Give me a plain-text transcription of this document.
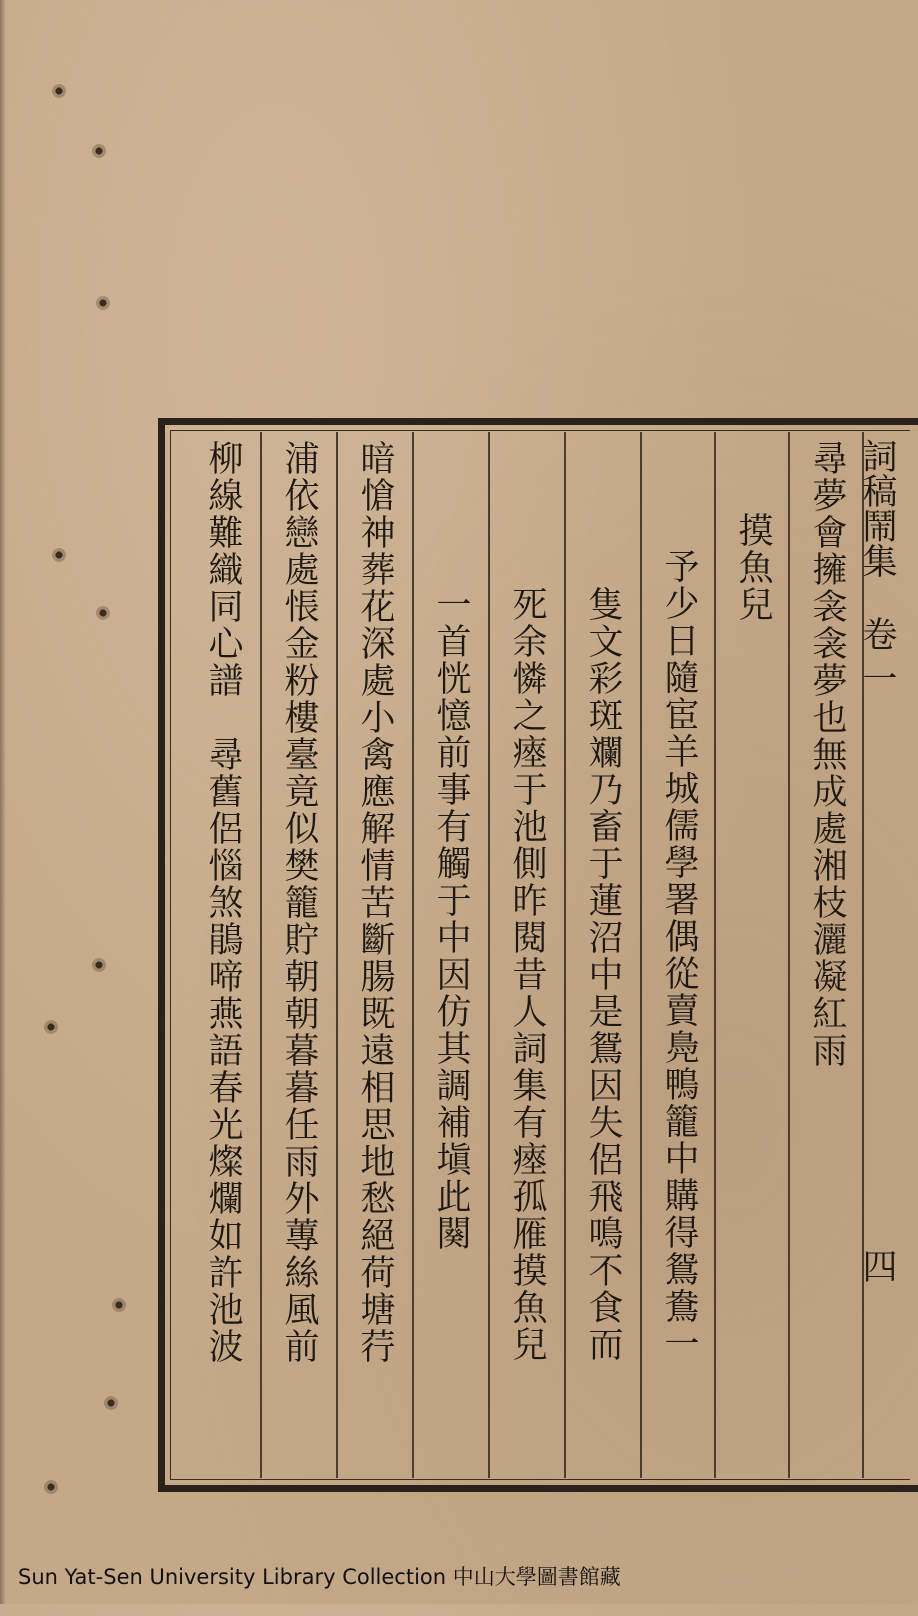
詞稿鬧集
卷
一
四
尋夢會擁衾衾夢也無成處湘枝灑凝紅雨
摸魚兒
予少日隨宦羊城儒學署偶從賣鳧鴨籠中購得鴛鴦一
隻文彩斑斕乃畜于蓮沼中是鴛因失侶飛鳴不食而
死余憐之瘞于池側昨閱昔人詞集有瘞孤雁摸魚兒
一首恍憶前事有觸于中因仿其調補塡此闋
暗愴神葬花深處小禽應解情苦斷腸既遠相思地愁絕荷塘荇
浦依戀處悵金粉樓臺竟似樊籠貯朝朝暮暮任雨外蓴絲風前
柳線難織同心譜　尋舊侶惱煞鵑啼燕語春光燦爛如許池波
Sun Yat-Sen University Library Collection 中山大學圖書館藏
